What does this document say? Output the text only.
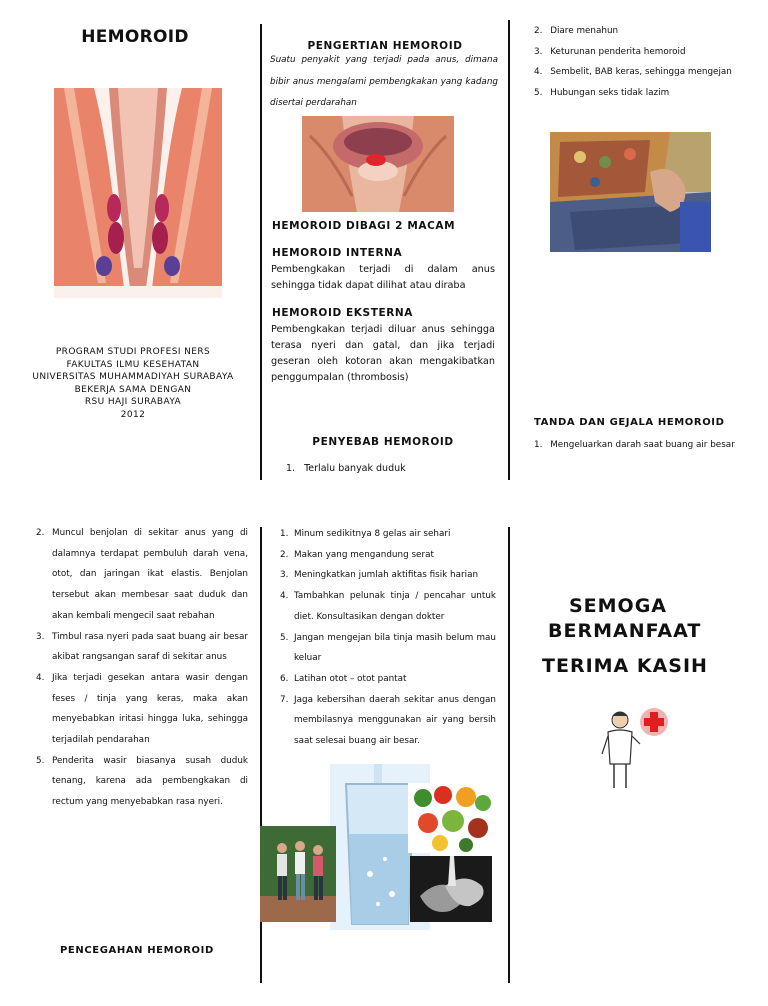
HEMOROID
PROGRAM STUDI PROFESI NERS
FAKULTAS ILMU KESEHATAN
UNIVERSITAS MUHAMMADIYAH SURABAYA
BEKERJA SAMA DENGAN
RSU HAJI SURABAYA
2012
PENGERTIAN HEMOROID
Suatu penyakit yang terjadi pada anus, dimana bibir anus mengalami pembengkakan yang kadang disertai perdarahan
HEMOROID DIBAGI 2 MACAM
HEMOROID INTERNA
Pembengkakan terjadi di dalam anus sehingga tidak dapat dilihat atau diraba
HEMOROID EKSTERNA
Pembengkakan terjadi diluar anus sehingga terasa nyeri dan gatal, dan jika terjadi geseran oleh kotoran akan mengakibatkan penggumpalan (thrombosis)
PENYEBAB HEMOROID
1. Terlalu banyak duduk
2. Diare menahun
3. Keturunan penderita hemoroid
4. Sembelit, BAB keras, sehingga mengejan
5. Hubungan seks tidak lazim
TANDA DAN GEJALA HEMOROID
1. Mengeluarkan darah saat buang air besar
2. Muncul benjolan di sekitar anus yang di dalamnya terdapat pembuluh darah vena, otot, dan jaringan ikat elastis. Benjolan tersebut akan membesar saat duduk dan akan kembali mengecil saat rebahan
3. Timbul rasa nyeri pada saat buang air besar akibat rangsangan saraf di sekitar anus
4. Jika terjadi gesekan antara wasir dengan feses / tinja yang keras, maka akan menyebabkan iritasi hingga luka, sehingga terjadilah pendarahan
5. Penderita wasir biasanya susah duduk tenang, karena ada pembengkakan di rectum yang menyebabkan rasa nyeri.
PENCEGAHAN HEMOROID
1. Minum sedikitnya 8 gelas air sehari
2. Makan yang mengandung serat
3. Meningkatkan jumlah aktifitas fisik harian
4. Tambahkan pelunak tinja / pencahar untuk diet. Konsultasikan dengan dokter
5. Jangan mengejan bila tinja masih belum mau keluar
6. Latihan otot – otot pantat
7. Jaga kebersihan daerah sekitar anus dengan membilasnya menggunakan air yang bersih saat selesai buang air besar.
SEMOGA BERMANFAAT
TERIMA KASIH
